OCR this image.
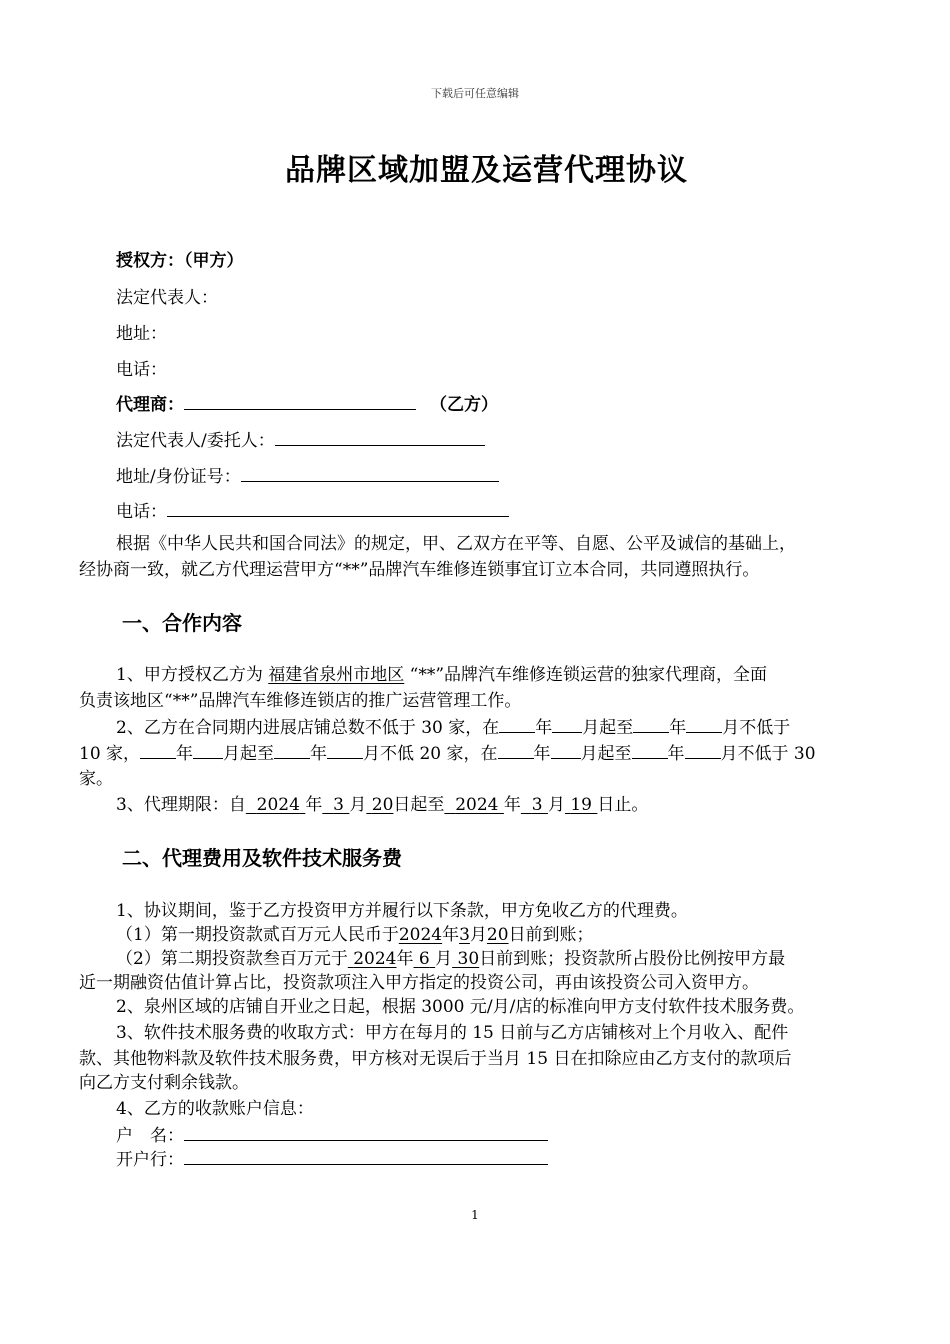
下载后可任意编辑
品牌区域加盟及运营代理协议
授权方：（甲方）
法定代表人：
地址：
电话：
代理商：	（乙方）
法定代表人/委托人：
地址/身份证号：
电话：
根据《中华人民共和国合同法》的规定，甲、乙双方在平等、自愿、公平及诚信的基础上，
经协商一致，就乙方代理运营甲方“**”品牌汽车维修连锁事宜订立本合同，共同遵照执行。
一、合作内容
1、甲方授权乙方为 福建省泉州市地区 “**”品牌汽车维修连锁运营的独家代理商，全面
负责该地区“**”品牌汽车维修连锁店的推广运营管理工作。
2、乙方在合同期内进展店铺总数不低于 30 家，在 年 月起至 年 月不低于
10 家， 年 月起至 年 月不低 20 家，在 年 月起至 年 月不低于 30
家。
3、代理期限：自 2024 年 3 月 20日起至 2024 年 3 月 19 日止。
二、代理费用及软件技术服务费
1、协议期间，鉴于乙方投资甲方并履行以下条款，甲方免收乙方的代理费。
（1）第一期投资款贰百万元人民币于2024年3月20日前到账；
（2）第二期投资款叁百万元于 2024年 6 月 30日前到账；投资款所占股份比例按甲方最
近一期融资估值计算占比，投资款项注入甲方指定的投资公司，再由该投资公司入资甲方。
2、泉州区域的店铺自开业之日起，根据 3000 元/月/店的标准向甲方支付软件技术服务费。
3、软件技术服务费的收取方式：甲方在每月的 15 日前与乙方店铺核对上个月收入、配件
款、其他物料款及软件技术服务费，甲方核对无误后于当月 15 日在扣除应由乙方支付的款项后
向乙方支付剩余钱款。
4、乙方的收款账户信息：
户　名：
开户行：
1
